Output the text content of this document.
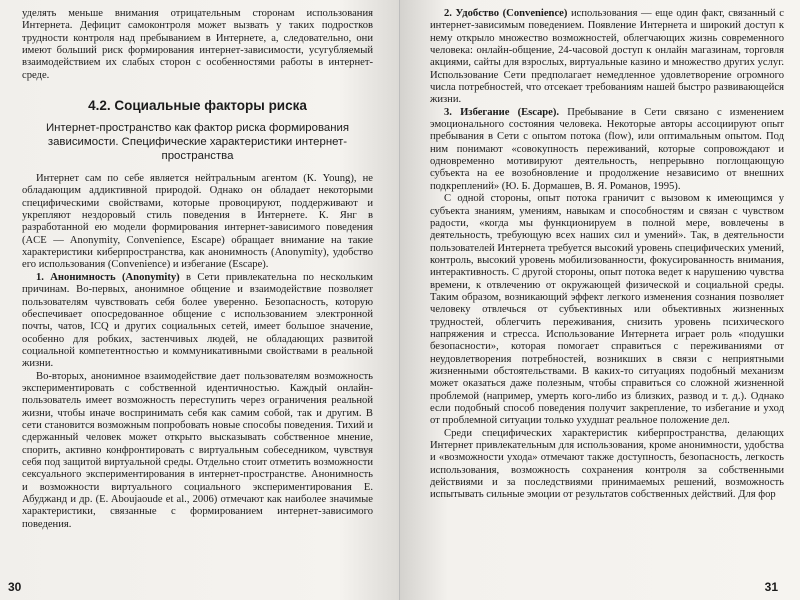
уделять меньше внимания отрицательным сторонам использования Интернета. Дефицит самоконтроля может вызвать у таких подростков трудности контроля над пребыванием в Интернете, а, следовательно, они имеют больший риск формирования интернет-зависимости, усугубляемый взаимодействием их слабых сторон с особенностями работы в интернет-среде.

4.2. Социальные факторы риска

Интернет-пространство как фактор риска формирования зависимости. Специфические характеристики интернет-пространства

Интернет сам по себе является нейтральным агентом (К. Young), не обладающим аддиктивной природой. Однако он обладает некоторыми специфическими свойствами, которые провоцируют, поддерживают и укрепляют нездоровый стиль поведения в Интернете. К. Янг в разработанной ею модели формирования интернет-зависимого поведения (ACE — Anonymity, Convenience, Escape) обращает внимание на такие характеристики киберпространства, как анонимность (Anonymity), удобство его использования (Convenience) и избегание (Escape).

1. Анонимность (Anonymity) в Сети привлекательна по нескольким причинам. Во-первых, анонимное общение и взаимодействие позволяет пользователям чувствовать себя более уверенно. Безопасность, которую обеспечивает опосредованное общение с использованием электронной почты, чатов, ICQ и других социальных сетей, имеет большое значение, особенно для робких, застенчивых людей, не обладающих развитой социальной компетентностью и коммуникативными свойствами в реальной жизни.

Во-вторых, анонимное взаимодействие дает пользователям возможность экспериментировать с собственной идентичностью. Каждый онлайн-пользователь имеет возможность переступить через ограничения реальной жизни, чтобы иначе воспринимать себя как самим собой, так и другим. В сети становится возможным попробовать новые способы поведения. Тихий и сдержанный человек может открыто высказывать собственное мнение, спорить, активно конфронтировать с виртуальным собеседником, чувствуя себя под защитой виртуальной среды. Отдельно стоит отметить возможности сексуального экспериментирования в интернет-пространстве. Анонимность и возможности виртуального социального экспериментирования Е. Абуджанд и др. (E. Aboujaoude et al., 2006) отмечают как наиболее значимые характеристики, связанные с формированием интернет-зависимого поведения.

30

2. Удобство (Convenience) использования — еще один факт, связанный с интернет-зависимым поведением. Появление Интернета и широкий доступ к нему открыло множество возможностей, облегчающих жизнь современного человека: онлайн-общение, 24-часовой доступ к онлайн магазинам, торговля акциями, сайты для взрослых, виртуальные казино и множество других услуг. Использование Сети предполагает немедленное удовлетворение огромного числа потребностей, что отсекает требованиям нашей быстро развивающейся жизни.

3. Избегание (Escape). Пребывание в Сети связано с изменением эмоционального состояния человека. Некоторые авторы ассоциируют опыт пребывания в Сети с опытом потока (flow), или оптимальным опытом. Под ним понимают «совокупность переживаний, которые сопровождают и одновременно мотивируют деятельность, непрерывно поглощающую субъекта на ее возобновление и продолжение независимо от внешних подкреплений» (Ю. Б. Дормашев, В. Я. Романов, 1995).

С одной стороны, опыт потока граничит с вызовом к имеющимся у субъекта знаниям, умениям, навыкам и способностям и связан с чувством радости, «когда мы функционируем в полной мере, вовлечены в деятельность, требующую всех наших сил и умений». Так, в деятельности пользователей Интернета требуется высокий уровень специфических умений, контроль, высокий уровень мобилизованности, фокусированность внимания, интерактивность. С другой стороны, опыт потока ведет к нарушению чувства времени, к отвлечению от окружающей физической и социальной среды. Таким образом, возникающий эффект легкого изменения сознания позволяет человеку отвлечься от субъективных или объективных жизненных трудностей, облегчить переживания, снизить уровень психического напряжения и стресса. Использование Интернета играет роль «подушки безопасности», которая помогает справиться с переживаниями от неудовлетворения потребностей, возникших в связи с неприятными жизненными обстоятельствами. В каких-то ситуациях подобный механизм может оказаться даже полезным, чтобы справиться со сложной жизненной проблемой (например, умерть кого-либо из близких, развод и т. д.). Однако если подобный способ поведения получит закрепление, то избегание и уход от проблемной ситуации только ухудшат реальное положение дел.

Среди специфических характеристик киберпространства, делающих Интернет привлекательным для использования, кроме анонимности, удобства и «возможности ухода» отмечают также доступность, безопасность, легкость использования, возможность сохранения контроля за собственными действиями и за последствиями принимаемых решений, возможность испытывать сильные эмоции от результатов собственных действий. Для фор

31
